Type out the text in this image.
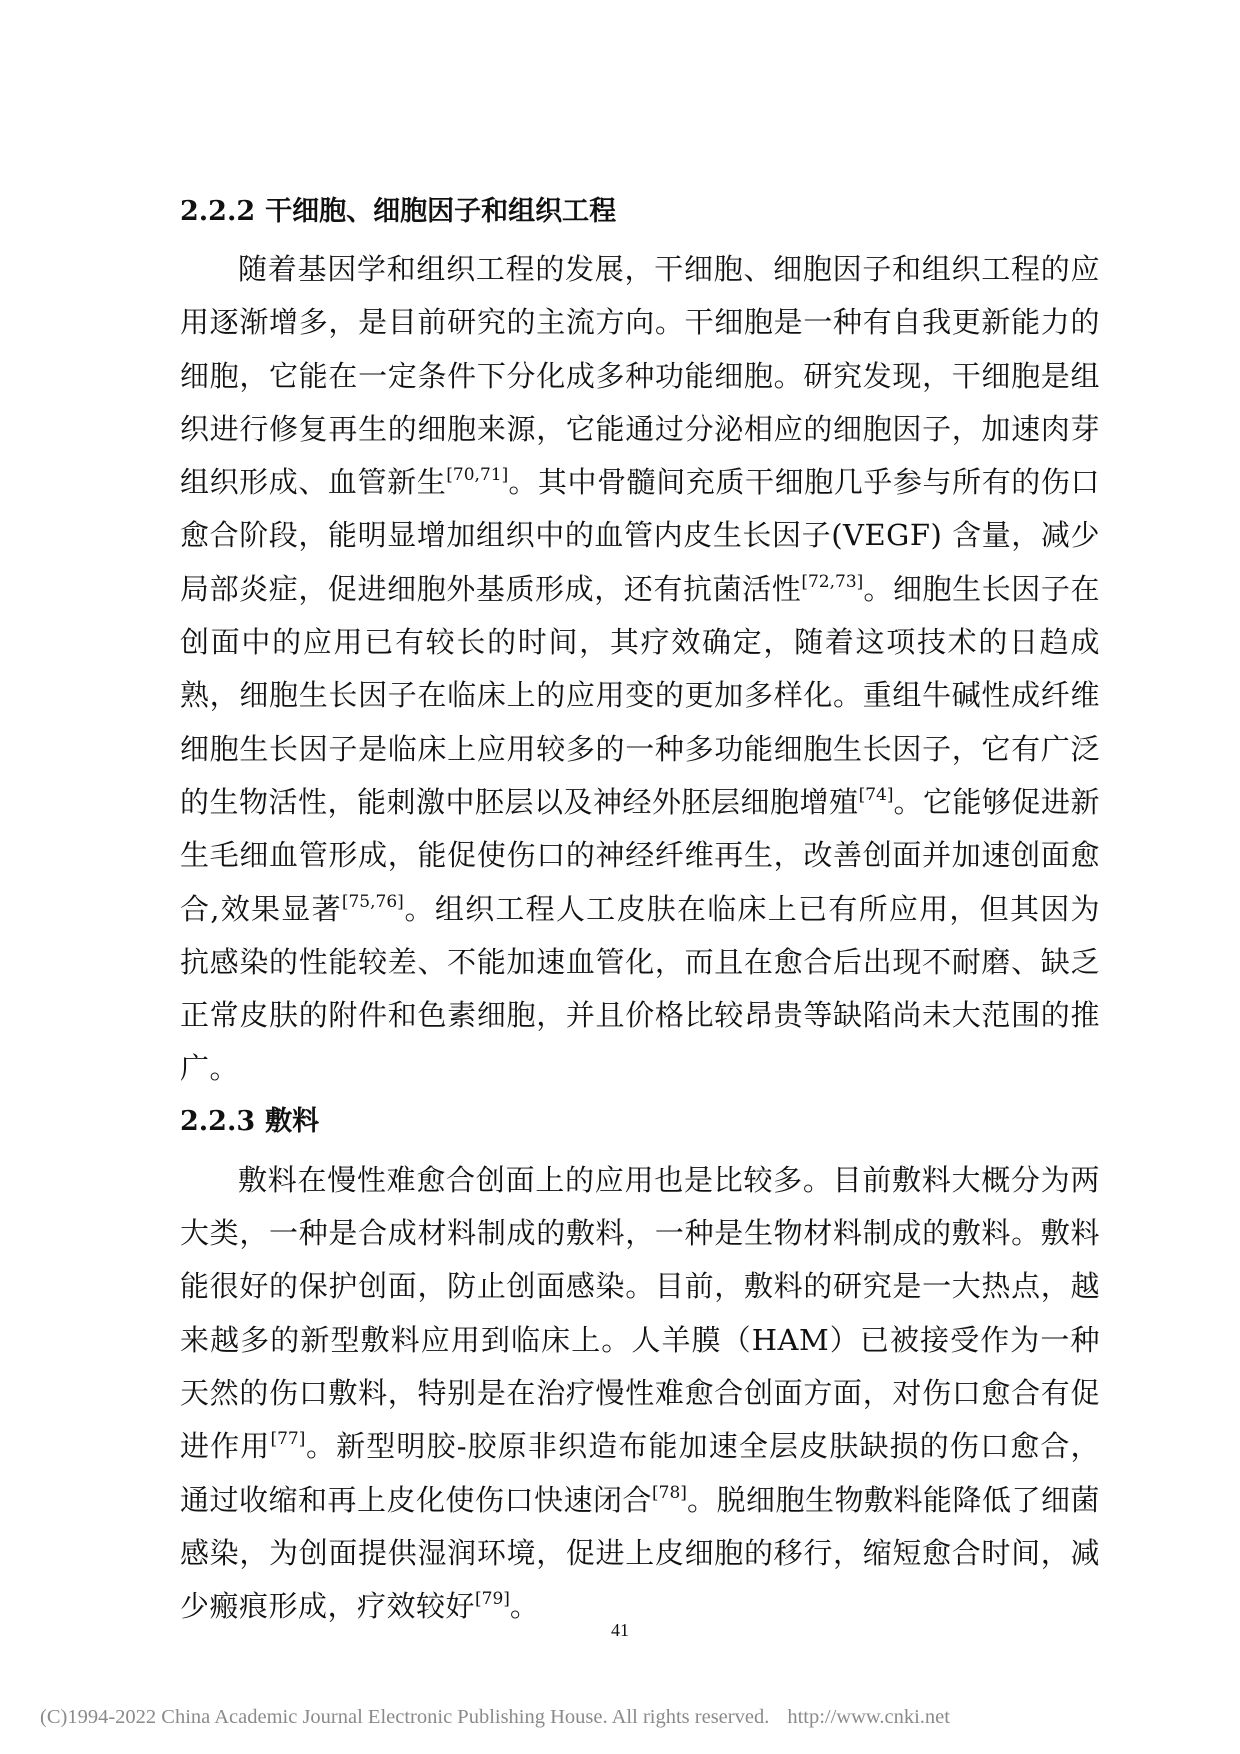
2.2.2 干细胞、细胞因子和组织工程

随着基因学和组织工程的发展，干细胞、细胞因子和组织工程的应用逐渐增多，是目前研究的主流方向。干细胞是一种有自我更新能力的细胞，它能在一定条件下分化成多种功能细胞。研究发现，干细胞是组织进行修复再生的细胞来源，它能通过分泌相应的细胞因子，加速肉芽组织形成、血管新生[70,71]。其中骨髓间充质干细胞几乎参与所有的伤口愈合阶段，能明显增加组织中的血管内皮生长因子(VEGF) 含量，减少局部炎症，促进细胞外基质形成，还有抗菌活性[72,73]。细胞生长因子在创面中的应用已有较长的时间，其疗效确定，随着这项技术的日趋成熟，细胞生长因子在临床上的应用变的更加多样化。重组牛碱性成纤维细胞生长因子是临床上应用较多的一种多功能细胞生长因子，它有广泛的生物活性，能刺激中胚层以及神经外胚层细胞增殖[74]。它能够促进新生毛细血管形成，能促使伤口的神经纤维再生，改善创面并加速创面愈合,效果显著[75,76]。组织工程人工皮肤在临床上已有所应用，但其因为抗感染的性能较差、不能加速血管化，而且在愈合后出现不耐磨、缺乏正常皮肤的附件和色素细胞，并且价格比较昂贵等缺陷尚未大范围的推广。

2.2.3 敷料

敷料在慢性难愈合创面上的应用也是比较多。目前敷料大概分为两大类，一种是合成材料制成的敷料，一种是生物材料制成的敷料。敷料能很好的保护创面，防止创面感染。目前，敷料的研究是一大热点，越来越多的新型敷料应用到临床上。人羊膜（HAM）已被接受作为一种天然的伤口敷料，特别是在治疗慢性难愈合创面方面，对伤口愈合有促进作用[77]。新型明胶-胶原非织造布能加速全层皮肤缺损的伤口愈合，通过收缩和再上皮化使伤口快速闭合[78]。脱细胞生物敷料能降低了细菌感染，为创面提供湿润环境，促进上皮细胞的移行，缩短愈合时间，减少瘢痕形成，疗效较好[79]。

41
(C)1994-2022 China Academic Journal Electronic Publishing House. All rights reserved. http://www.cnki.net
